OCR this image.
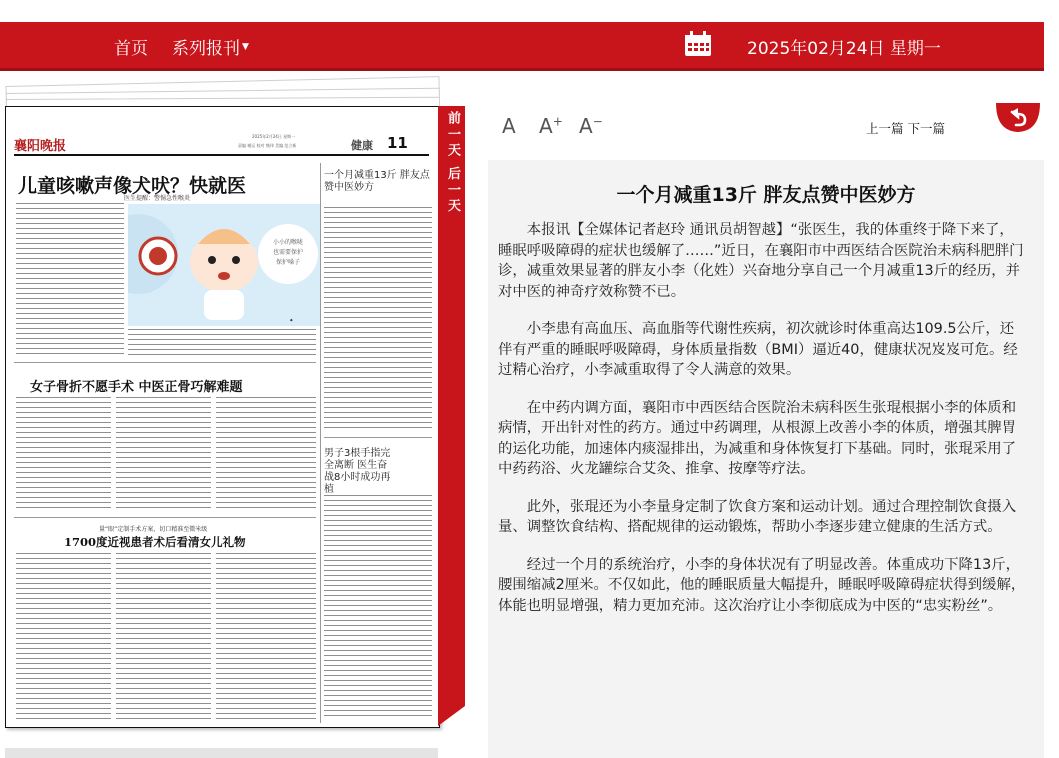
首页 系列报刊 ▼	2025年02月24日 星期一
襄阳晚报
2025年2月24日 星期一
责编 谢运 校对 熊伟 美编 范立新	健康 11
儿童咳嗽声像犬吠？快就医
医生提醒：警惕急性喉炎
小小的喉咙
也需要保护
保护嗓子
◆
一个月减重13斤 胖友点赞中医妙方
男子3根手指完全离断 医生奋战8小时成功再植
女子骨折不愿手术 中医正骨巧解难题
量“眼”定制手术方案，切口精准至微米级
1700度近视患者术后看清女儿礼物
前一天 后一天 A A+ A−	上一篇 下一篇
一个月减重13斤 胖友点赞中医妙方

本报讯【全媒体记者赵玲 通讯员胡智越】“张医生，我的体重终于降下来了，睡眠呼吸障碍的症状也缓解了……”近日，在襄阳市中西医结合医院治未病科肥胖门诊，减重效果显著的胖友小李（化姓）兴奋地分享自己一个月减重13斤的经历，并对中医的神奇疗效称赞不已。

小李患有高血压、高血脂等代谢性疾病，初次就诊时体重高达109.5公斤，还伴有严重的睡眠呼吸障碍，身体质量指数（BMI）逼近40，健康状况岌岌可危。经过精心治疗，小李减重取得了令人满意的效果。

在中药内调方面，襄阳市中西医结合医院治未病科医生张琨根据小李的体质和病情，开出针对性的药方。通过中药调理，从根源上改善小李的体质，增强其脾胃的运化功能，加速体内痰湿排出，为减重和身体恢复打下基础。同时，张琨采用了中药药浴、火龙罐综合艾灸、推拿、按摩等疗法。

此外，张琨还为小李量身定制了饮食方案和运动计划。通过合理控制饮食摄入量、调整饮食结构、搭配规律的运动锻炼，帮助小李逐步建立健康的生活方式。

经过一个月的系统治疗，小李的身体状况有了明显改善。体重成功下降13斤，腰围缩减2厘米。不仅如此，他的睡眠质量大幅提升，睡眠呼吸障碍症状得到缓解，体能也明显增强，精力更加充沛。这次治疗让小李彻底成为中医的“忠实粉丝”。
